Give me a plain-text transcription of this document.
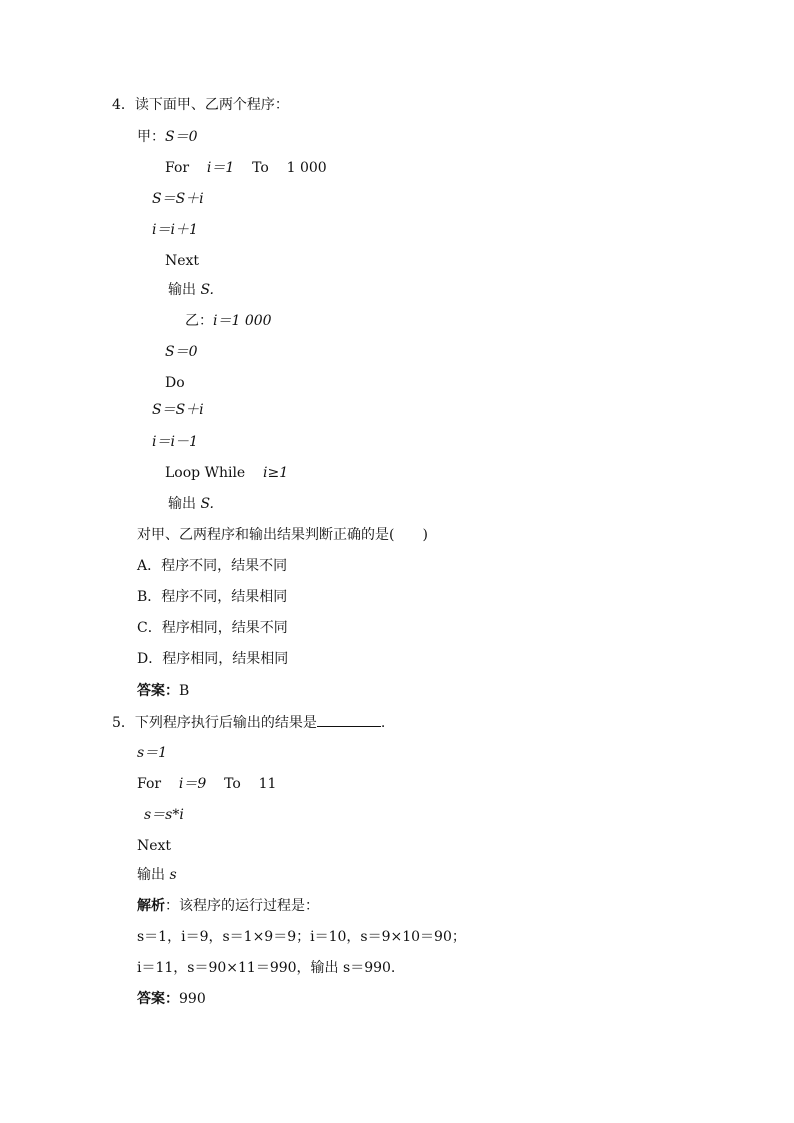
4．读下面甲、乙两个程序：
甲：S＝0
For i＝1 To 1 000
S＝S＋i
i＝i＋1
Next
输出 S.
乙：i＝1 000
S＝0
Do
S＝S＋i
i＝i－1
Loop While i≥1
输出 S.
对甲、乙两程序和输出结果判断正确的是(　　)
A．程序不同，结果不同
B．程序不同，结果相同
C．程序相同，结果不同
D．程序相同，结果相同
答案：B
5．下列程序执行后输出的结果是	.
s＝1
For i＝9 To 11
s＝s*i
Next
输出 s
解析：该程序的运行过程是：
s＝1，i＝9，s＝1×9＝9；i＝10，s＝9×10＝90；
i＝11，s＝90×11＝990，输出 s＝990.
答案：990
